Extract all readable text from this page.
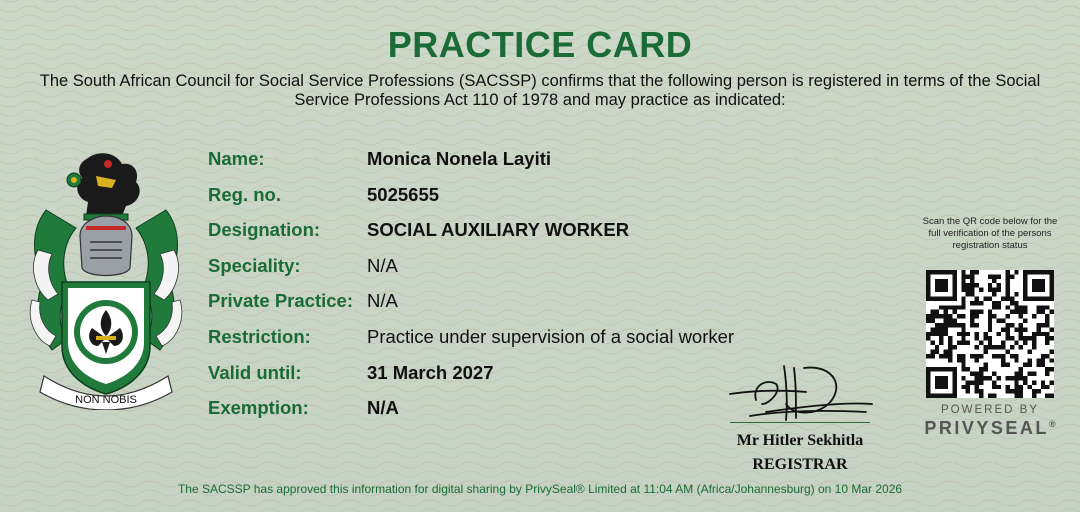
PRACTICE CARD
The South African Council for Social Service Professions (SACSSP) confirms that the following person is registered in terms of the Social Service Professions Act 110 of 1978 and may practice as indicated:
NON NOBIS
Name:	Monica Nonela Layiti
Reg. no.	5025655
Designation:	SOCIAL AUXILIARY WORKER
Speciality:	N/A
Private Practice: N/A
Restriction:	Practice under supervision of a social worker
Valid until:	31 March 2027
Exemption:	N/A
Mr Hitler Sekhitla
REGISTRAR
Scan the QR code below for the full verification of the persons registration status
POWERED BY
PRIVYSEAL®
The SACSSP has approved this information for digital sharing by PrivySeal® Limited at 11:04 AM (Africa/Johannesburg) on 10 Mar 2026
